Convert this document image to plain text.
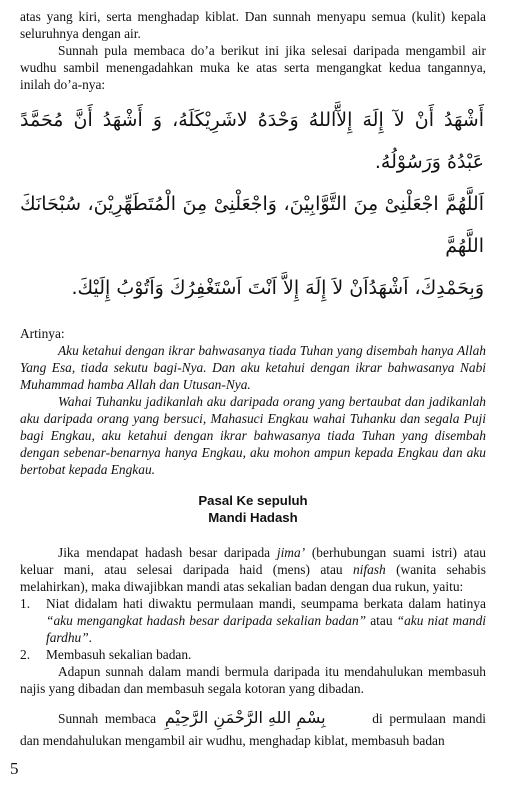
atas yang kiri, serta menghadap kiblat. Dan sunnah menyapu semua (kulit) kepala seluruhnya dengan air.

Sunnah pula membaca do’a berikut ini jika selesai daripada mengambil air wudhu sambil menengadahkan muka ke atas serta mengangkat kedua tangannya, inilah do’a-nya:

أَشْهَدُ أَنْ لآ إِلَهَ إِلآَّاللهُ وَحْدَهُ لاشَرِيْكَلَهُ، وَ أَشْهَدُ أَنَّ مُحَمَّدً عَبْدُهُ وَرَسُوْلُهُ.

اَللَّهُمَّ اجْعَلْنِىْ مِنَ التَّوَّابِيْنَ، وَاجْعَلْنِىْ مِنَ الْمُتَطَهِّرِيْنَ، سُبْحَانَكَ اللَّهُمَّ

وَبِحَمْدِكَ، اَشْهَدُاَنْ لاَ إِلَهَ إِلاَّ اَنْتَ اَسْتَغْفِرُكَ وَاَتُوْبُ إِلَيْكَ.

Artinya:

Aku ketahui dengan ikrar bahwasanya tiada Tuhan yang disembah hanya Allah Yang Esa, tiada sekutu bagi-Nya. Dan aku ketahui dengan ikrar bahwasanya Nabi Muhammad hamba Allah dan Utusan-Nya.

Wahai Tuhanku jadikanlah aku daripada orang yang bertaubat dan jadikanlah aku daripada orang yang bersuci, Mahasuci Engkau wahai Tuhanku dan segala Puji bagi Engkau, aku ketahui dengan ikrar bahwasanya tiada Tuhan yang disembah dengan sebenar-benarnya hanya Engkau, aku mohon ampun kepada Engkau dan aku bertobat kepada Engkau.

Pasal Ke sepuluh
Mandi Hadash

Jika mendapat hadash besar daripada jima’ (berhubungan suami istri) atau keluar mani, atau selesai daripada haid (mens) atau nifash (wanita sehabis melahirkan), maka diwajibkan mandi atas sekalian badan dengan dua rukun, yaitu:

1. Niat didalam hati diwaktu permulaan mandi, seumpama berkata dalam hatinya “aku mengangkat hadash besar daripada sekalian badan” atau “aku niat mandi fardhu”.
2. Membasuh sekalian badan.

Adapun sunnah dalam mandi bermula daripada itu mendahulukan membasuh najis yang dibadan dan membasuh segala kotoran yang dibadan.

Sunnah membaca بِسْمِ اللهِ الرَّحْمَنِ الرَّحِيْمِ	di permulaan mandi dan mendahulukan mengambil air wudhu, menghadap kiblat, membasuh badan

5
